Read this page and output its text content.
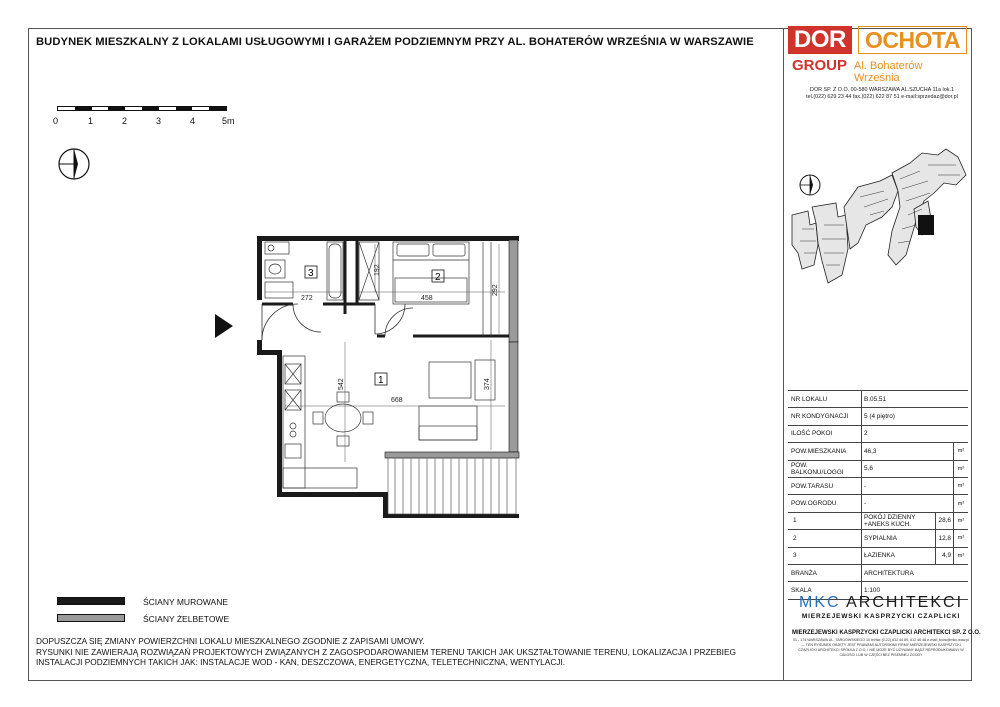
BUDYNEK MIESZKALNY Z LOKALAMI USŁUGOWYMI I GARAŻEM PODZIEMNYM PRZY AL. BOHATERÓW WRZEŚNIA W WARSZAWIE
0	1	2	3	4	5m
DOR OCHOTA
GROUP Al. Bohaterów Września
DOR SP. Z O.O. 00-580 WARSZAWA AL.SZUCHA 11a lok.1
tel.(022) 629 23 44 fax.(022) 622 87 51 e-mail:sprzedaz@dor.pl
3	2
1
272
192
458
292
542
668
374
ŚCIANY MUROWANE
ŚCIANY ŻELBETOWE
DOPUSZCZA SIĘ ZMIANY POWIERZCHNI LOKALU MIESZKALNEGO ZGODNIE Z ZAPISAMI UMOWY.
RYSUNKI NIE ZAWIERAJĄ ROZWIĄZAŃ PROJEKTOWYCH ZWIĄZANYCH Z ZAGOSPODAROWANIEM TERENU TAKICH JAK UKSZTAŁTOWANIE TERENU, LOKALIZACJA I PRZEBIEG
INSTALACJI PODZIEMNYCH TAKICH JAK: INSTALACJE WOD - KAN, DESZCZOWA, ENERGETYCZNA, TELETECHNICZNA, WENTYLACJI.
NR LOKALU	B.05.51
NR KONDYGNACJI	5 (4 piętro)
ILOŚĆ POKOI	2
POW.MIESZKANIA	46,3	m²
POW. BALKONU/LOGGI	5,6	m²
POW.TARASU	-	m²
POW.OGRODU	-	m²
1	POKÓJ DZIENNY +ANEKS KUCH.	28,6	m²
2	SYPIALNIA	12,8	m²
3	ŁAZIENKA	4,9	m²
BRANŻA	ARCHITEKTURA
SKALA	1:100
MKC ARCHITEKCI
MIERZEJEWSKI KASPRZYCKI CZAPLICKI
MIERZEJEWSKI KASPRZYCKI CZAPLICKI ARCHITEKCI SP. Z O.O.
01 - 174 WARSZAWA UL. TARGOWSKIEGO 10 tel/fax (0-22) 612 44 89, 612 46 48 e-mail: biuro@mkc.waw.pl — TEN RYSUNEK OBJĘTY JEST PRAWAMI AUTORSKIMI FIRMY MIERZEJEWSKI KASPRZYCKI CZAPLICKI ARCHITEKCI SPÓŁKA Z O.O. I NIE MOŻE BYĆ UŻYWANY BĄDŹ REPRODUKOWANY W CAŁOŚCI LUB W CZĘŚCI BEZ PISEMNEJ ZGODY
